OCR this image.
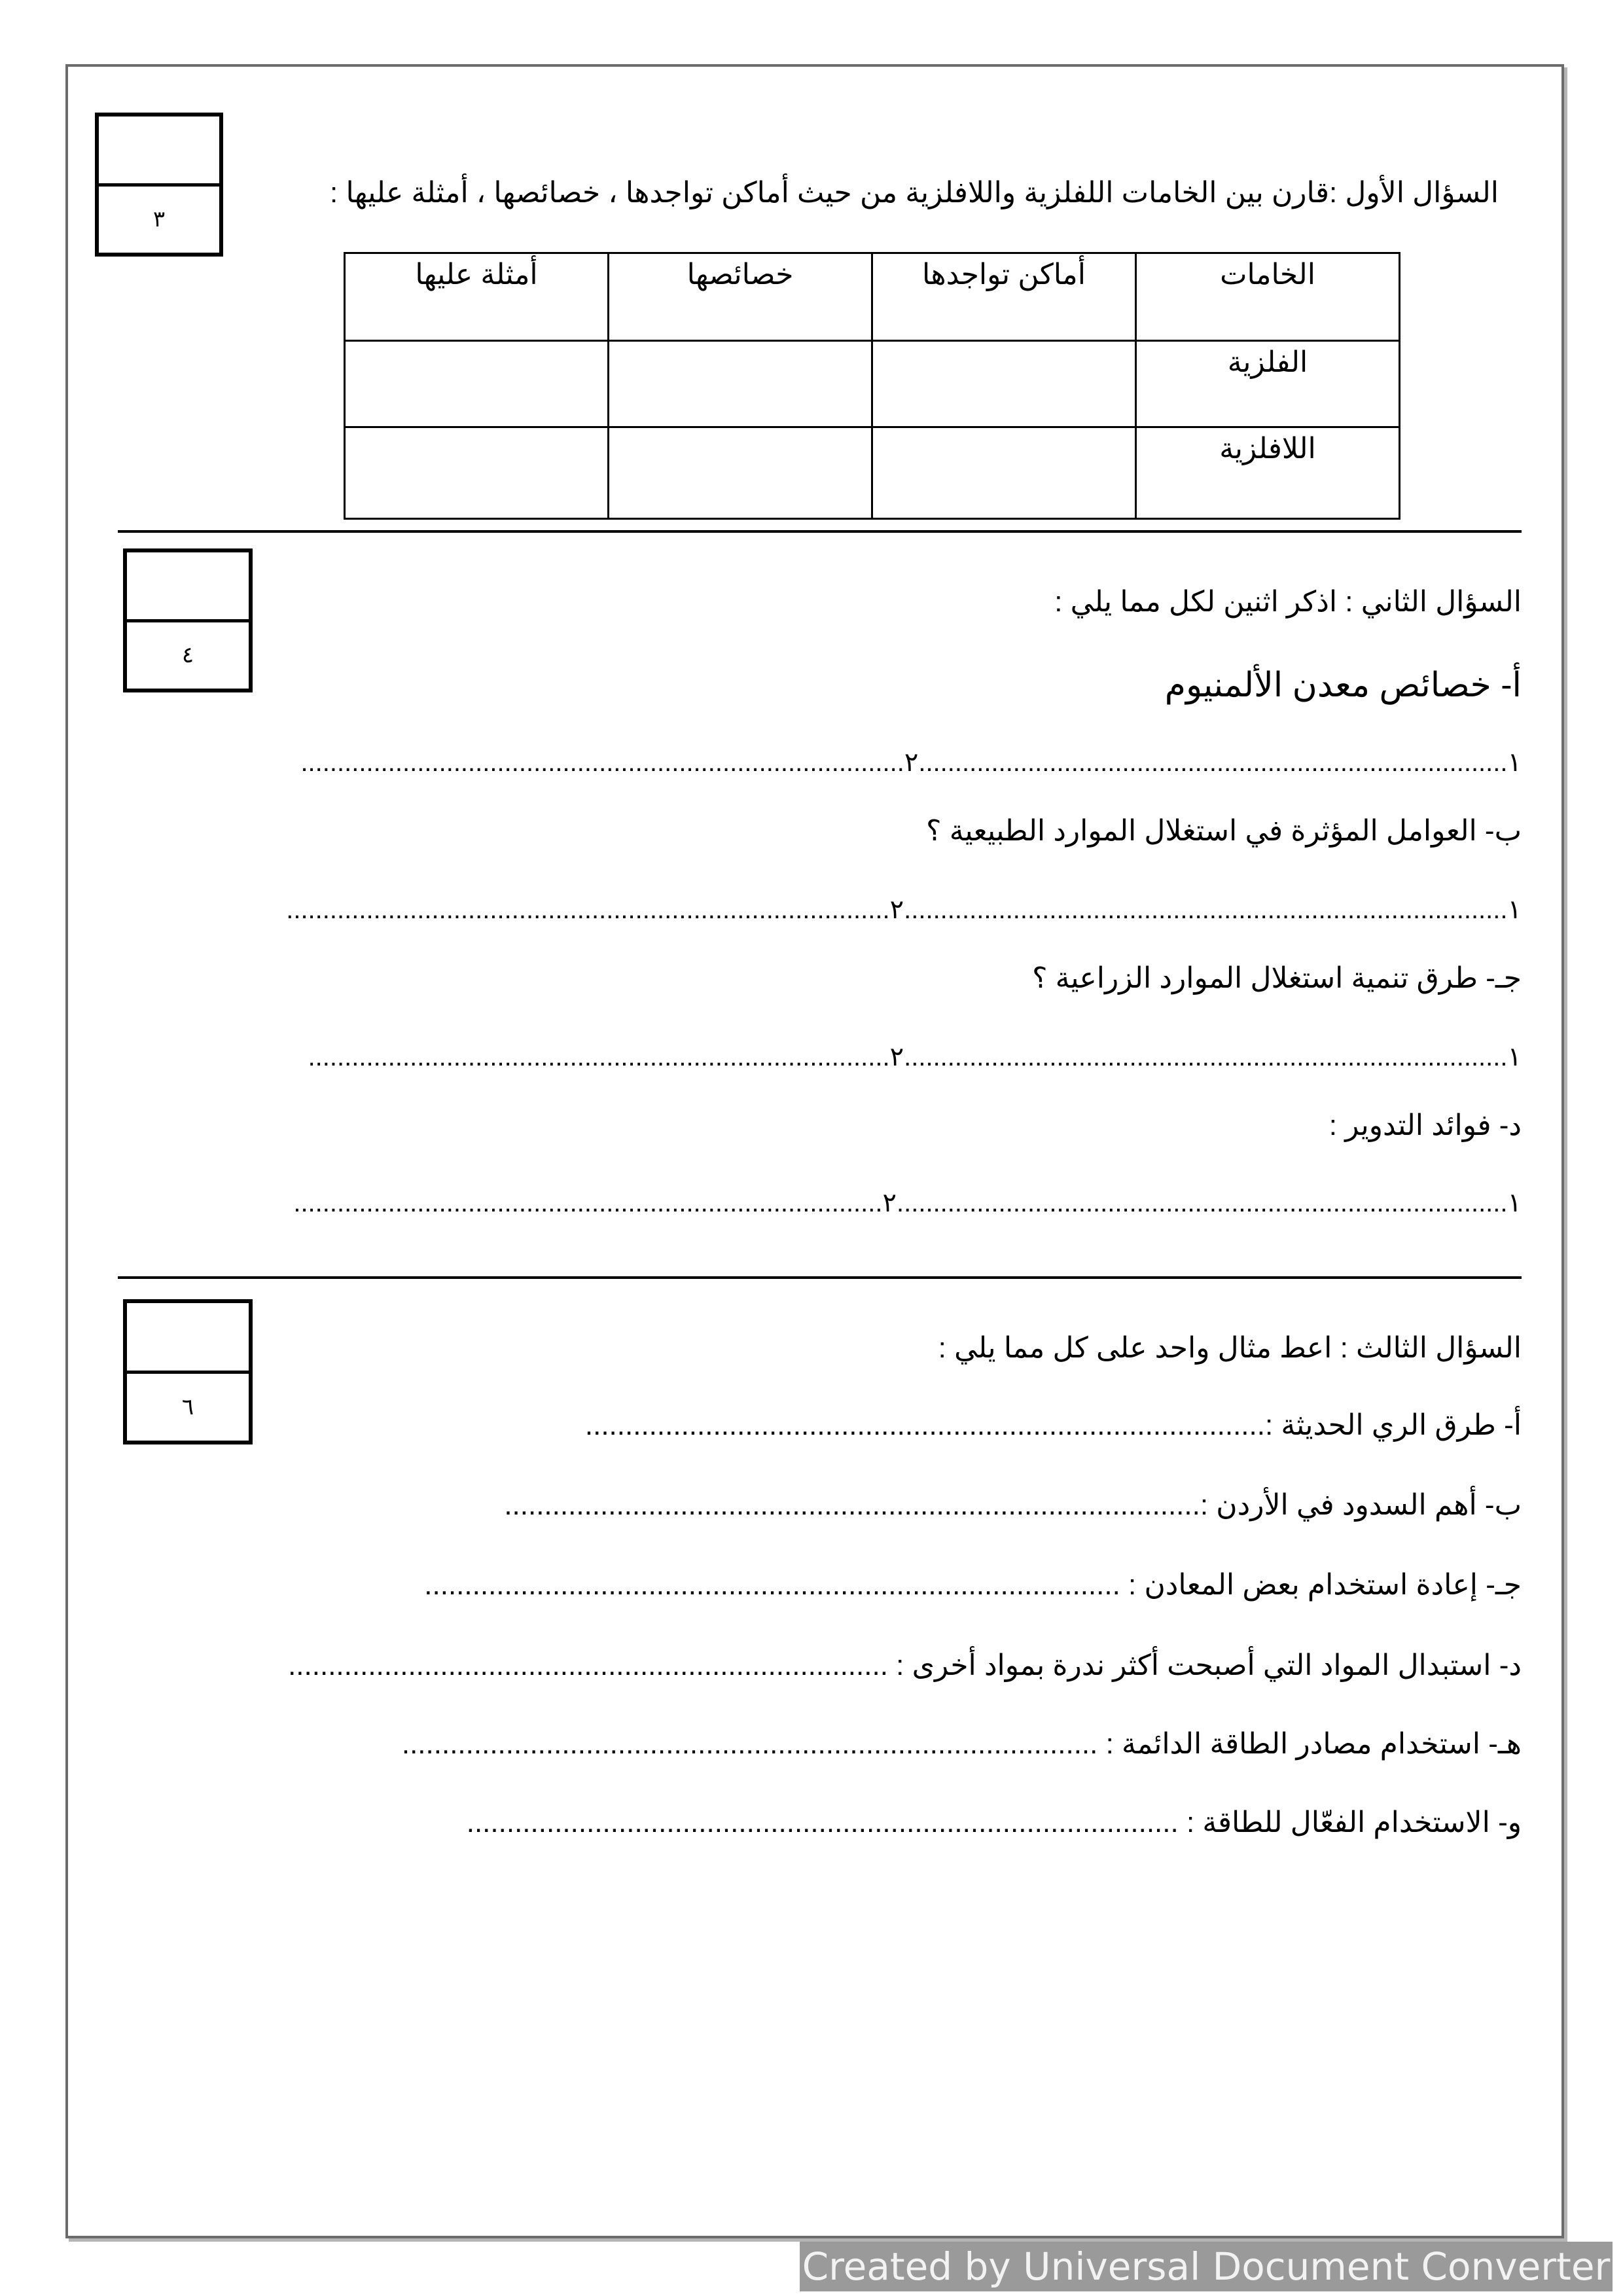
٣
السؤال الأول :قارن بين الخامات اللفلزية واللافلزية من حيث أماكن تواجدها ، خصائصها ، أمثلة عليها :
الخامات	أماكن تواجدها	خصائصها	أمثلة عليها
الفلزية			
اللافلزية			
٤
السؤال الثاني : اذكر اثنين لكل مما يلي :
أ- خصائص معدن الألمنيوم
١.................................................................................٢...................................................................................
ب- العوامل المؤثرة في استغلال الموارد الطبيعية ؟
١...................................................................................٢...................................................................................
جـ- طرق تنمية استغلال الموارد الزراعية ؟
١...................................................................................٢................................................................................
د- فوائد التدوير :
١....................................................................................٢.................................................................................
٦
السؤال الثالث : اعط مثال واحد على كل مما يلي :
أ- طرق الري الحديثة :.....................................................................................
ب- أهم السدود في الأردن :.......................................................................................
جـ- إعادة استخدام بعض المعادن : .......................................................................................
د- استبدال المواد التي أصبحت أكثر ندرة بمواد أخرى : ...........................................................................
هـ- استخدام مصادر الطاقة الدائمة : .......................................................................................
و- الاستخدام الفعّال للطاقة : .........................................................................................
Created by Universal Document Converter
